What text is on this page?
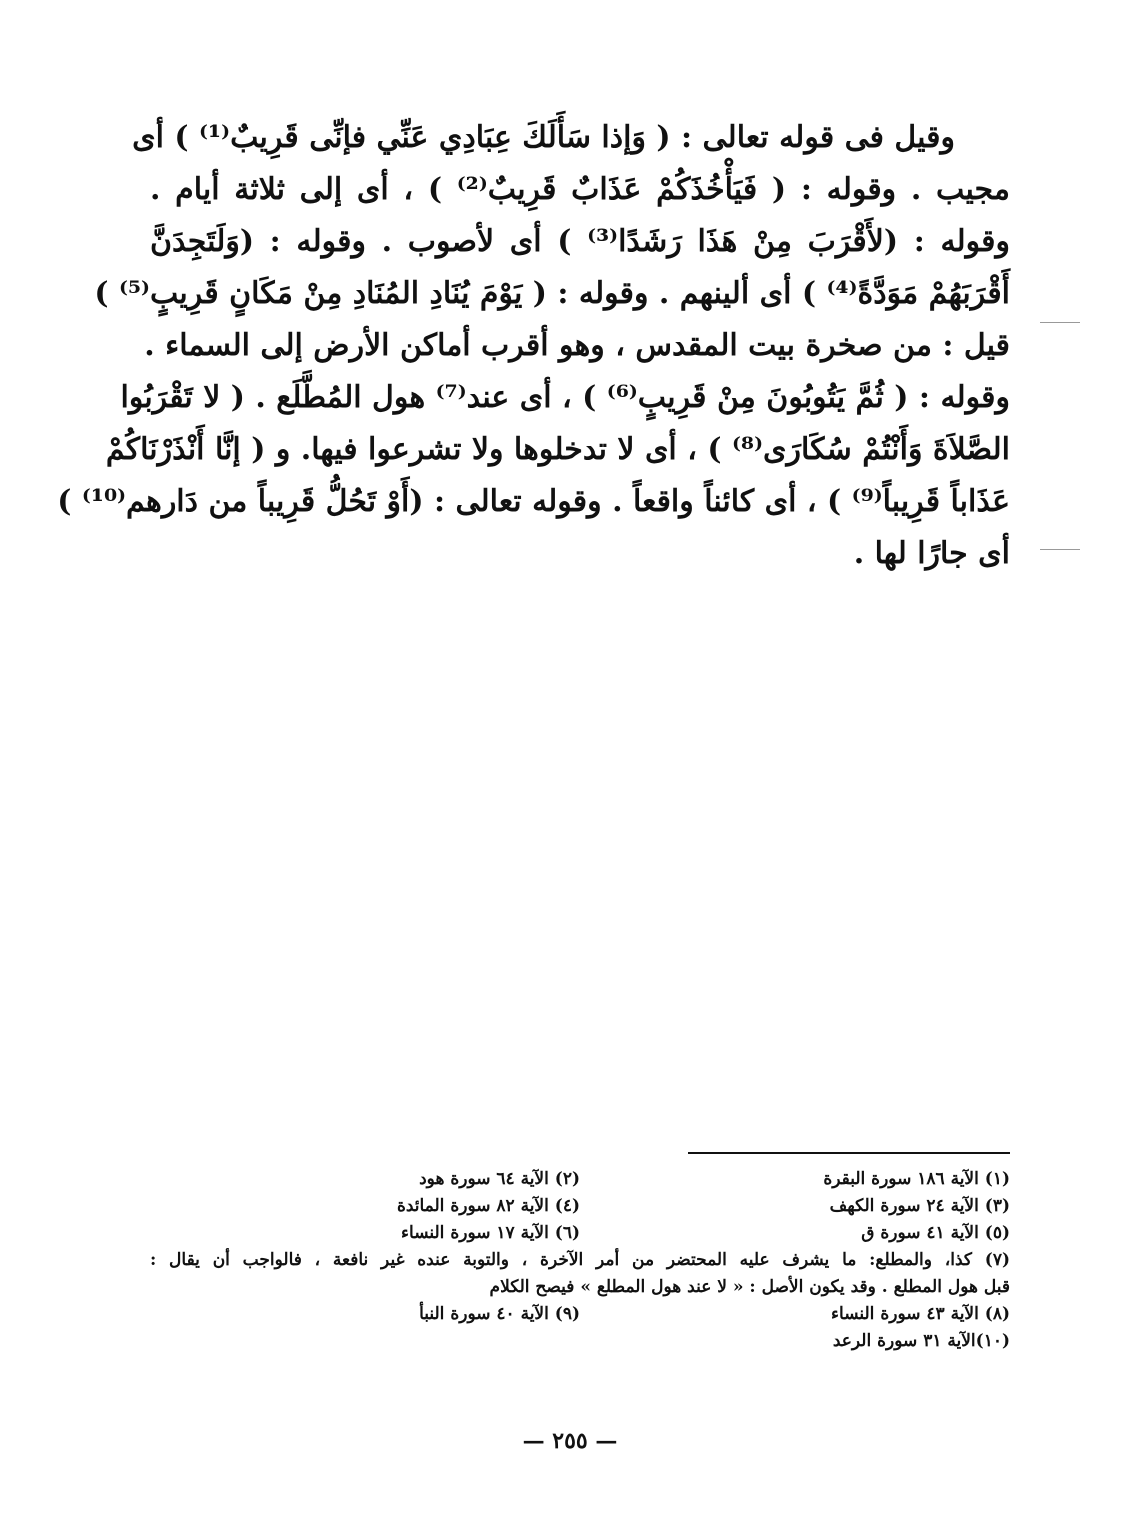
وقيل فى قوله تعالى : ( وَإذا سَأَلَكَ عِبَادِي عَنِّي فإنِّى قَرِيبٌ⁽¹⁾ ) أى
مجيب . وقوله : ( فَيَأْخُذَكُمْ عَذَابٌ قَرِيبٌ⁽²⁾ ) ، أى إلى ثلاثة أيام .
وقوله : (لأَقْرَبَ مِنْ هَذَا رَشَدًا⁽³⁾ ) أى لأصوب . وقوله : (وَلَتَجِدَنَّ
أَقْرَبَهُمْ مَوَدَّةً⁽⁴⁾ ) أى ألينهم . وقوله : ( يَوْمَ يُنَادِ المُنَادِ مِنْ مَكَانٍ قَرِيبٍ⁽⁵⁾ )
قيل : من صخرة بيت المقدس ، وهو أقرب أماكن الأرض إلى السماء .
وقوله : ( ثُمَّ يَتُوبُونَ مِنْ قَرِيبٍ⁽⁶⁾ ) ، أى عند⁽⁷⁾ هول المُطَّلَع . ( لا تَقْرَبُوا
الصَّلاَةَ وَأَنْتُمْ سُكَارَى⁽⁸⁾ ) ، أى لا تدخلوها ولا تشرعوا فيها. و ( إنَّا أَنْذَرْنَاكُمْ
عَذَاباً قَرِيباً⁽⁹⁾ ) ، أى كائناً واقعاً . وقوله تعالى : (أَوْ تَحُلُّ قَرِيباً من دَارهم⁽¹⁰⁾ )
أى جارًا لها .
(١) الآية ١٨٦ سورة البقرة
(٢) الآية ٦٤ سورة هود
(٣) الآية ٢٤ سورة الكهف
(٤) الآية ٨٢ سورة المائدة
(٥) الآية ٤١ سورة ق
(٦) الآية ١٧ سورة النساء
(٧) كذا، والمطلع: ما يشرف عليه المحتضر من أمر الآخرة ، والتوبة عنده غير نافعة ، فالواجب أن يقال :
قبل هول المطلع . وقد يكون الأصل : « لا عند هول المطلع » فيصح الكلام
(٨) الآية ٤٣ سورة النساء
(٩) الآية ٤٠ سورة النبأ
(١٠)الآية ٣١ سورة الرعد
— ٢٥٥ —
